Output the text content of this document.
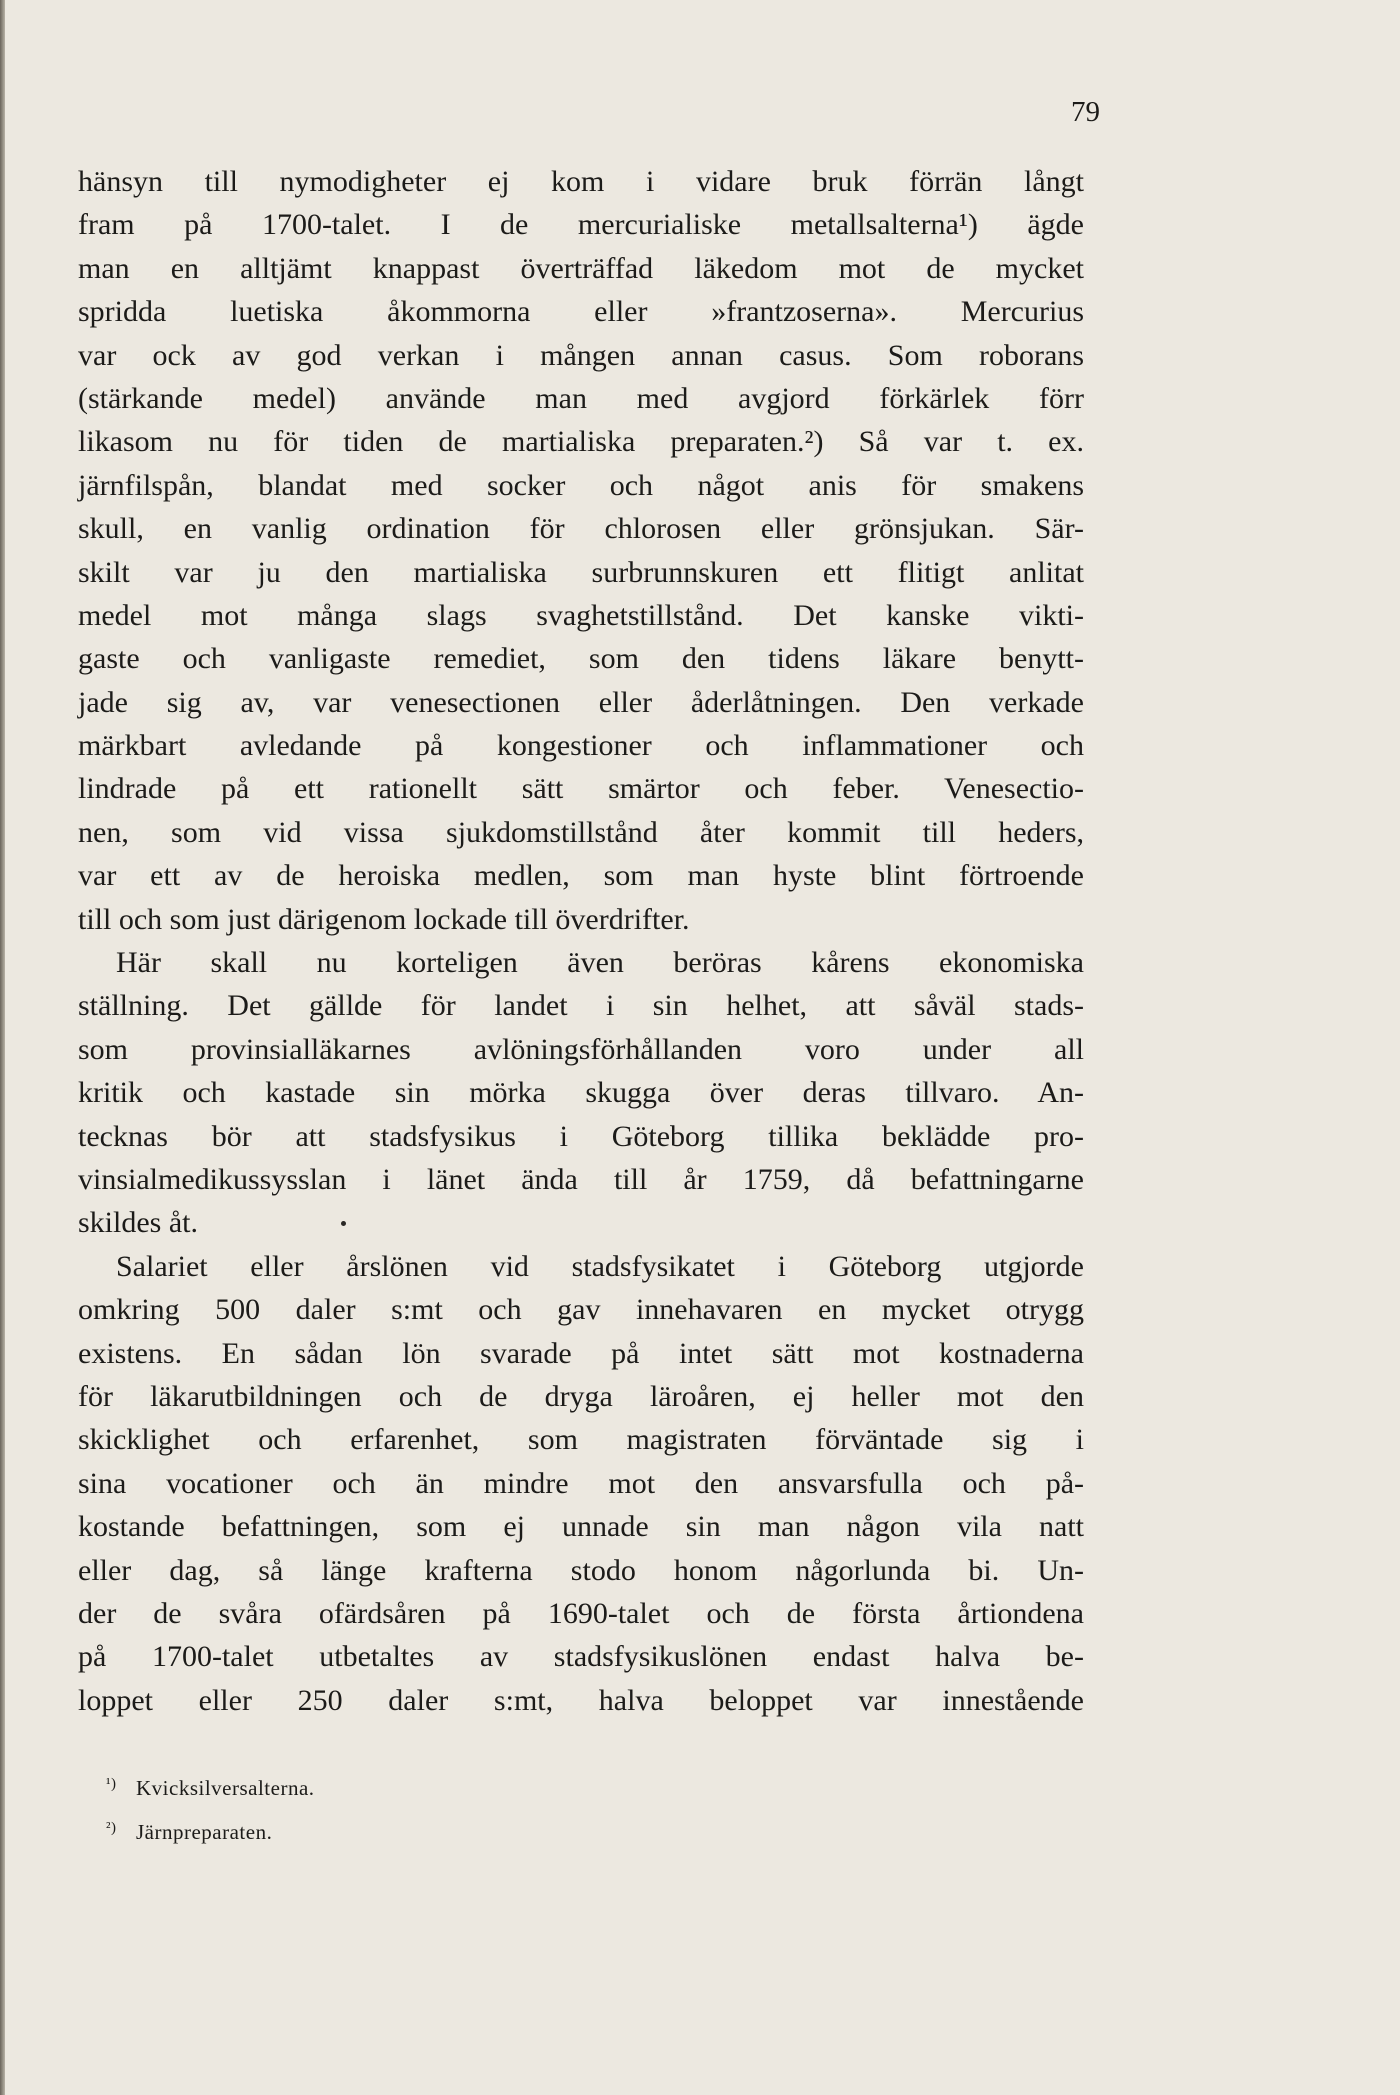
79
hänsyn till nymodigheter ej kom i vidare bruk förrän långt
fram på 1700-talet. I de mercurialiske metallsalterna¹) ägde
man en alltjämt knappast överträffad läkedom mot de mycket
spridda luetiska åkommorna eller »frantzoserna». Mercurius
var ock av god verkan i mången annan casus. Som roborans
(stärkande medel) använde man med avgjord förkärlek förr
likasom nu för tiden de martialiska preparaten.²) Så var t. ex.
järnfilspån, blandat med socker och något anis för smakens
skull, en vanlig ordination för chlorosen eller grönsjukan. Sär-
skilt var ju den martialiska surbrunnskuren ett flitigt anlitat
medel mot många slags svaghetstillstånd. Det kanske vikti-
gaste och vanligaste remediet, som den tidens läkare benytt-
jade sig av, var venesectionen eller åderlåtningen. Den verkade
märkbart avledande på kongestioner och inflammationer och
lindrade på ett rationellt sätt smärtor och feber. Venesectio-
nen, som vid vissa sjukdomstillstånd åter kommit till heders,
var ett av de heroiska medlen, som man hyste blint förtroende
till och som just därigenom lockade till överdrifter.
Här skall nu korteligen även beröras kårens ekonomiska
ställning. Det gällde för landet i sin helhet, att såväl stads-
som provinsialläkarnes avlöningsförhållanden voro under all
kritik och kastade sin mörka skugga över deras tillvaro. An-
tecknas bör att stadsfysikus i Göteborg tillika beklädde pro-
vinsialmedikussysslan i länet ända till år 1759, då befattningarne
skildes åt.
Salariet eller årslönen vid stadsfysikatet i Göteborg utgjorde
omkring 500 daler s:mt och gav innehavaren en mycket otrygg
existens. En sådan lön svarade på intet sätt mot kostnaderna
för läkarutbildningen och de dryga läroåren, ej heller mot den
skicklighet och erfarenhet, som magistraten förväntade sig i
sina vocationer och än mindre mot den ansvarsfulla och på-
kostande befattningen, som ej unnade sin man någon vila natt
eller dag, så länge krafterna stodo honom någorlunda bi. Un-
der de svåra ofärdsåren på 1690-talet och de första årtiondena
på 1700-talet utbetaltes av stadsfysikuslönen endast halva be-
loppet eller 250 daler s:mt, halva beloppet var innestående
¹) Kvicksilversalterna.
²) Järnpreparaten.
